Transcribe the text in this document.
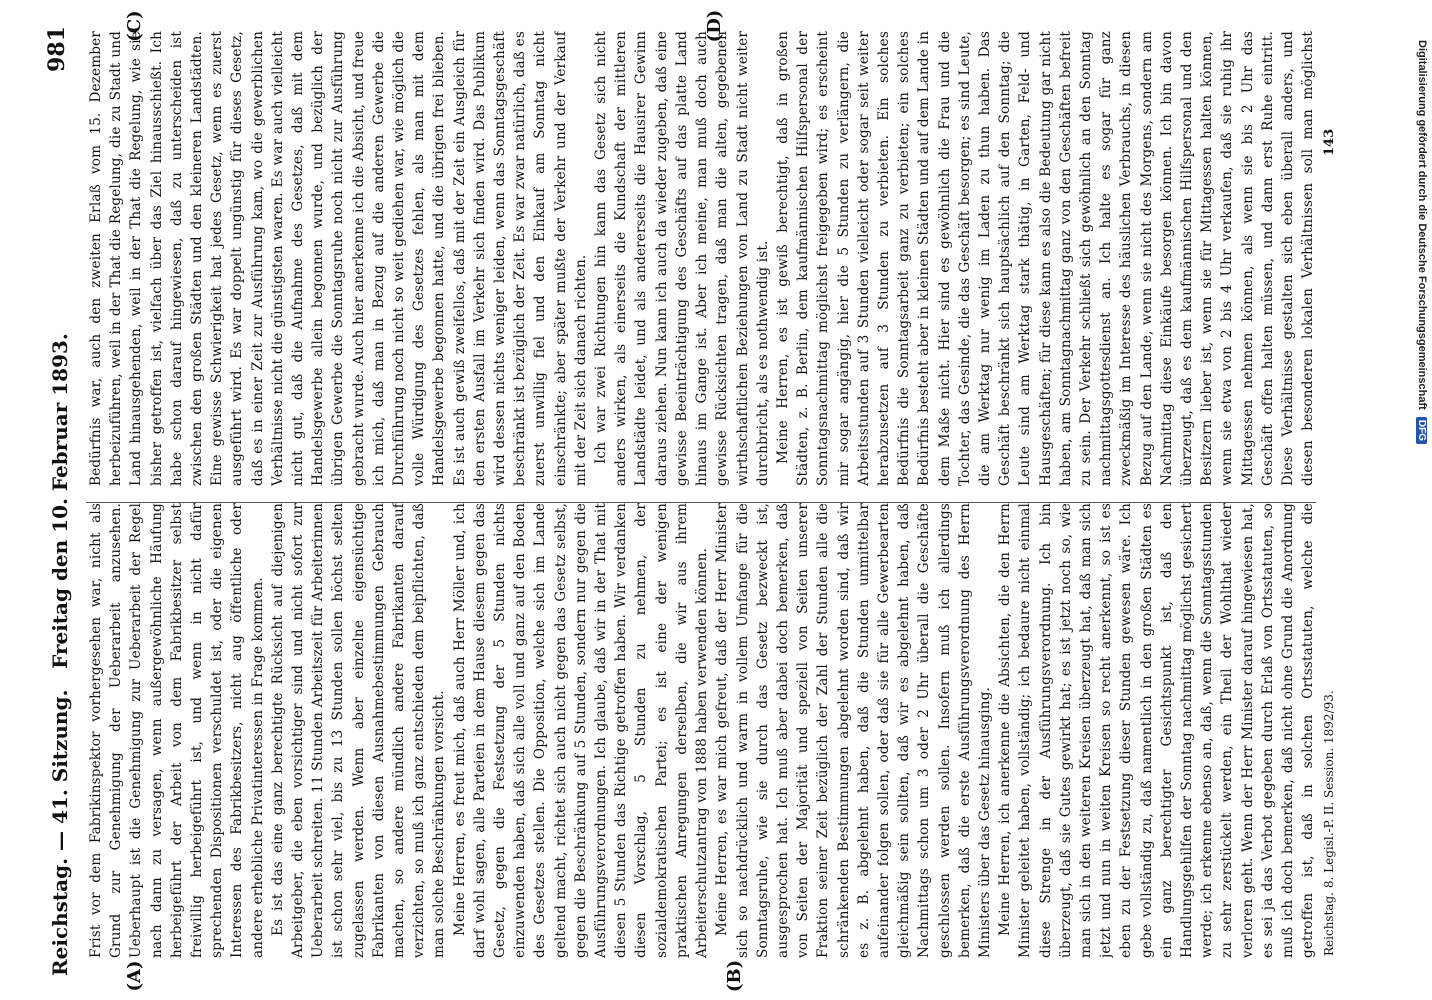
Reichstag. — 41. Sitzung.
Freitag den 10. Februar 1893.
981
(A)	(B)
(C)	(D)

Frist vor dem Fabrikinspektor vorhergesehen war, nicht als Grund zur Genehmigung der Ueberarbeit anzusehen. Ueberhaupt ist die Genehmigung zur Ueberarbeit der Regel nach dann zu versagen, wenn außergewöhnliche Häufung herbeigeführt der Arbeit von dem Fabrikbesitzer selbst freiwillig herbeigeführt ist, und wenn in nicht dafür sprechenden Dispositionen verschuldet ist, oder die eigenen Interessen des Fabrikbesitzers, nicht aug öffentliche oder andere erhebliche Privatinteressen in Frage kommen. Es ist das eine ganz berechtigte Rücksicht auf diejenigen Arbeitgeber, die eben vorsichtiger sind und nicht sofort zur Ueberarbeit schreiten. 11 Stunden Arbeitszeit für Arbeiterinnen ist schon sehr viel, bis zu 13 Stunden sollen höchst selten zugelassen werden. Wenn aber einzelne eigensüchtige Fabrikanten von diesen Ausnahmebestimmungen Gebrauch machen, so andere mündlich andere Fabrikanten darauf verzichten, so muß ich ganz entschieden dem beipflichten, daß man solche Beschränkungen vorsicht. Meine Herren, es freut mich, daß auch Herr Möller und, ich darf wohl sagen, alle Parteien in dem Hause diesem gegen das Gesetz, gegen die Festsetzung der 5 Stunden nichts einzuwenden haben, daß sich alle voll und ganz auf den Boden des Gesetzes stellen. Die Opposition, welche sich im Lande geltend macht, richtet sich auch nicht gegen das Gesetz selbst, gegen die Beschränkung auf 5 Stunden, sondern nur gegen die Ausführungsverordnungen. Ich glaube, daß wir in der That mit diesen 5 Stunden das Richtige getroffen haben. Wir verdanken diesen Vorschlag, 5 Stunden zu nehmen, der sozialdemokratischen Partei; es ist eine der wenigen praktischen Anregungen derselben, die wir aus ihrem Arbeiterschutzantrag von 1888 haben verwenden können. Meine Herren, es war mich gefreut, daß der Herr Minister sich so nachdrücklich und warm in vollem Umfange für die Sonntagsruhe, wie sie durch das Gesetz bezweckt ist, ausgesprochen hat. Ich muß aber dabei doch bemerken, daß von Seiten der Majorität und speziell von Seiten unserer Fraktion seiner Zeit bezüglich der Zahl der Stunden alle die schränkenden Bestimmungen abgelehnt worden sind, daß wir es z. B. abgelehnt haben, daß die Stunden unmittelbar aufeinander folgen sollen, oder daß sie für alle Gewerbearten gleichmäßig sein sollten, daß wir es abgelehnt haben, daß Nachmittags schon um 3 oder 2 Uhr überall die Geschäfte geschlossen werden sollen. Insofern muß ich allerdings bemerken, daß die erste Ausführungsverordnung des Herrn Ministers über das Gesetz hinausging. Meine Herren, ich anerkenne die Absichten, die den Herrn Minister geleitet haben, vollständig; ich bedaure nicht einmal diese Strenge in der Ausführungsverordnung. Ich bin überzeugt, daß sie Gutes gewirkt hat; es ist jetzt noch so, wie man sich in den weiteren Kreisen überzeugt hat, daß man sich jetzt und nun in weiten Kreisen so recht anerkennt, so ist es eben zu der Festsetzung dieser Stunden gewesen wäre. Ich gebe vollständig zu, daß namentlich in den großen Städten es ein ganz berechtigter Gesichtspunkt ist, daß den Handlungsgehilfen der Sonntag nachmittag möglichst gesichert werde; ich erkenne ebenso an, daß, wenn die Sonntagsstunden zu sehr zerstückelt werden, ein Theil der Wohlthat wieder verloren geht. Wenn der Herr Minister darauf hingewiesen hat, es sei ja das Verbot gegeben durch Erlaß von Ortsstatuten, so muß ich doch bemerken, daß nicht ohne Grund die Anordnung getroffen ist, daß in solchen Ortsstatuten, welche die

Bedürfnis war, auch den zweiten Erlaß vom 15. Dezember herbeizuführen, weil in der That die Regelung, die zu Stadt und Land hinausgehenden, weil in der That die Regelung, wie sie bisher getroffen ist, vielfach über das Ziel hinausschießt. Ich habe schon darauf hingewiesen, daß zu unterscheiden ist zwischen den großen Städten und den kleineren Landstädten. Eine gewisse Schwierigkeit hat jedes Gesetz, wenn es zuerst ausgeführt wird. Es war doppelt ungünstig für dieses Gesetz, daß es in einer Zeit zur Ausführung kam, wo die gewerblichen Verhältnisse nicht die günstigsten waren. Es war auch vielleicht nicht gut, daß die Aufnahme des Gesetzes, daß mit dem Handelsgewerbe allein begonnen wurde, und bezüglich der übrigen Gewerbe die Sonntagsruhe noch nicht zur Ausführung gebracht wurde. Auch hier anerkenne ich die Absicht, und freue ich mich, daß man in Bezug auf die anderen Gewerbe die Durchführung noch nicht so weit gediehen war, wie möglich die volle Würdigung des Gesetzes fehlen, als man mit dem Handelsgewerbe begonnen hatte, und die übrigen frei blieben. Es ist auch gewiß zweifellos, daß mit der Zeit ein Ausgleich für den ersten Ausfall im Verkehr sich finden wird. Das Publikum wird dessen nichts weniger leiden, wenn das Sonntagsgeschäft beschränkt ist bezüglich der Zeit. Es war zwar natürlich, daß es zuerst unwillig fiel und den Einkauf am Sonntag nicht einschränkte; aber später mußte der Verkehr und der Verkauf mit der Zeit sich danach richten. Ich war zwei Richtungen hin kann das Gesetz sich nicht anders wirken, als einerseits die Kundschaft der mittleren Landstädte leidet, und als andererseits die Hausirer Gewinn daraus ziehen. Nun kann ich auch da wieder zugeben, daß eine gewisse Beeinträchtigung des Geschäfts auf das platte Land hinaus im Gange ist. Aber ich meine, man muß doch auch gewisse Rücksichten tragen, daß man die alten, gegebenen wirthschaftlichen Beziehungen von Land zu Stadt nicht weiter durchbricht, als es nothwendig ist. Meine Herren, es ist gewiß berechtigt, daß in großen Städten, z. B. Berlin, dem kaufmännischen Hilfspersonal der Sonntagsnachmittag möglichst freigegeben wird; es erscheint mir sogar angängig, hier die 5 Stunden zu verlängern, die Arbeitsstunden auf 3 Stunden vielleicht oder sogar seit weiter herabzusetzen auf 3 Stunden zu verbieten. Ein solches Bedürfnis die Sonntagsarbeit ganz zu verbieten; ein solches Bedürfnis besteht aber in kleinen Städten und auf dem Lande in dem Maße nicht. Hier sind es gewöhnlich die Frau und die Tochter, das Gesinde, die das Geschäft besorgen; es sind Leute, die am Werktag nur wenig im Laden zu thun haben. Das Geschäft beschränkt sich hauptsächlich auf den Sonntag; die Leute sind am Werktag stark thätig, in Garten, Feld- und Hausgeschäften; für diese kann es also die Bedeutung gar nicht haben, am Sonntagnachmittag ganz von den Geschäften befreit zu sein. Der Verkehr schließt sich gewöhnlich an den Sonntag nachmittagsgottesdienst an. Ich halte es sogar für ganz zweckmäßig im Interesse des häuslichen Verbrauchs, in diesen Bezug auf den Lande, wenn sie nicht des Morgens, sondern am Nachmittag diese Einkäufe besorgen können. Ich bin davon überzeugt, daß es dem kaufmännischen Hilfspersonal und den Besitzern lieber ist, wenn sie für Mittagessen halten können, wenn sie etwa von 2 bis 4 Uhr verkaufen, daß sie ruhig ihr Mittagessen nehmen können, als wenn sie bis 2 Uhr das Geschäft offen halten müssen, und dann erst Ruhe eintritt. Diese Verhältnisse gestalten sich eben überall anders, und diesen besonderen lokalen Verhältnissen soll man möglichst

Reichstag. 8. Legisl.-P. II. Session. 1892/93.
143	Digitalisierung gefördert durch die Deutsche Forschungsgemeinschaft DFG
